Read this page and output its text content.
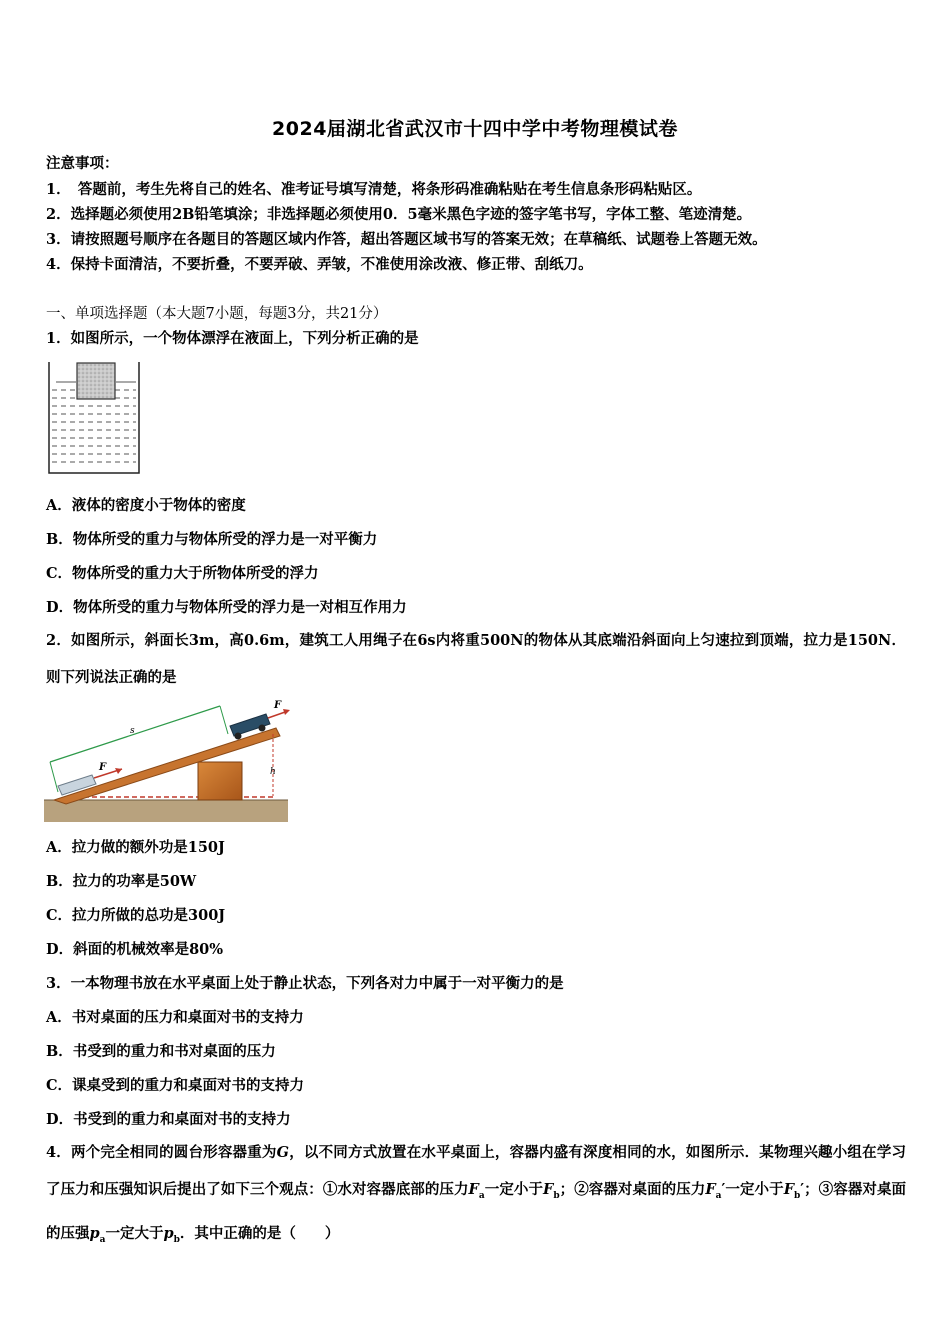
2024届湖北省武汉市十四中学中考物理模试卷
注意事项：
1．　答题前，考生先将自己的姓名、准考证号填写清楚，将条形码准确粘贴在考生信息条形码粘贴区。
2．选择题必须使用2B铅笔填涂；非选择题必须使用0．5毫米黑色字迹的签字笔书写，字体工整、笔迹清楚。
3．请按照题号顺序在各题目的答题区域内作答，超出答题区域书写的答案无效；在草稿纸、试题卷上答题无效。
4．保持卡面清洁，不要折叠，不要弄破、弄皱，不准使用涂改液、修正带、刮纸刀。
一、单项选择题（本大题7小题，每题3分，共21分）
1．如图所示，一个物体漂浮在液面上，下列分析正确的是
A．液体的密度小于物体的密度
B．物体所受的重力与物体所受的浮力是一对平衡力
C．物体所受的重力大于所物体所受的浮力
D．物体所受的重力与物体所受的浮力是一对相互作用力
2．如图所示，斜面长3m，高0.6m，建筑工人用绳子在6s内将重500N的物体从其底端沿斜面向上匀速拉到顶端，拉力是150N．则下列说法正确的是
h
s
F
F
A．拉力做的额外功是150J
B．拉力的功率是50W
C．拉力所做的总功是300J
D．斜面的机械效率是80%
3．一本物理书放在水平桌面上处于静止状态，下列各对力中属于一对平衡力的是
A．书对桌面的压力和桌面对书的支持力
B．书受到的重力和书对桌面的压力
C．课桌受到的重力和桌面对书的支持力
D．书受到的重力和桌面对书的支持力
4．两个完全相同的圆台形容器重为G，以不同方式放置在水平桌面上，容器内盛有深度相同的水，如图所示．某物理兴趣小组在学习了压力和压强知识后提出了如下三个观点：①水对容器底部的压力$F_a$一定小于$F_b$；②容器对桌面的压力$F_a'$一定小于$F_b'$；③容器对桌面的压强$p_a$一定大于$p_b$．其中正确的是（　　）
